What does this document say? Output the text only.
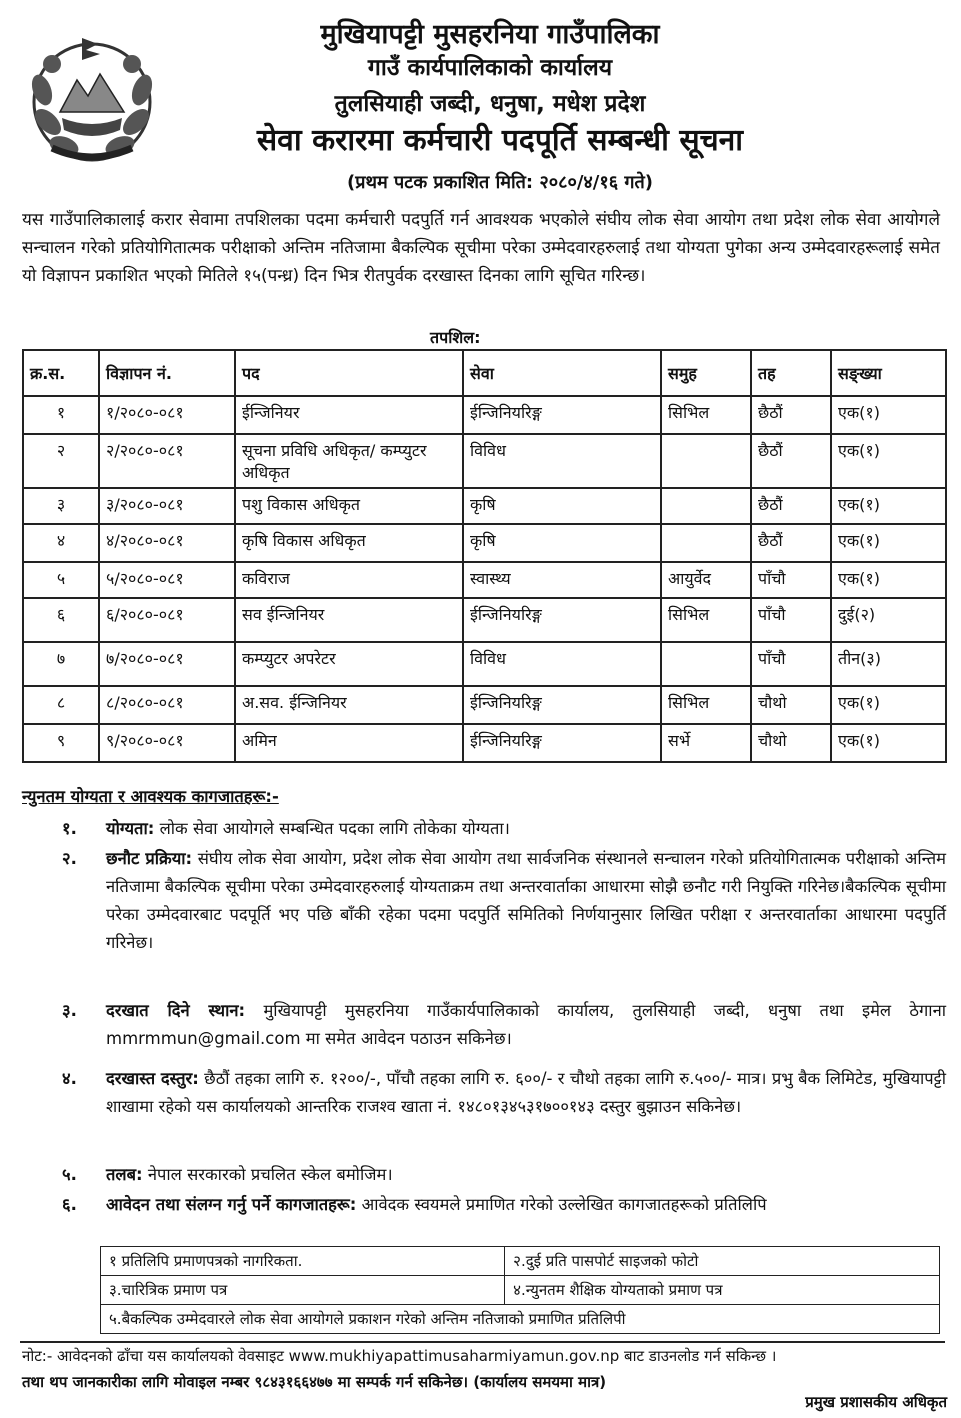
मुखियापट्टी मुसहरनिया गाउँपालिका
गाउँ कार्यपालिकाको कार्यालय
तुलसियाही जब्दी, धनुषा, मधेश प्रदेश
सेवा करारमा कर्मचारी पदपूर्ति सम्बन्धी सूचना
(प्रथम पटक प्रकाशित मिति: २०८०/४/१६ गते)
यस गाउँपालिकालाई करार सेवामा तपशिलका पदमा कर्मचारी पदपुर्ति गर्न आवश्यक भएकोले संघीय लोक सेवा आयोग तथा प्रदेश लोक सेवा आयोगले सन्चालन गरेको प्रतियोगितात्मक परीक्षाको अन्तिम नतिजामा बैकल्पिक सूचीमा परेका उम्मेदवारहरुलाई तथा योग्यता पुगेका अन्य उम्मेदवारहरूलाई समेत यो विज्ञापन प्रकाशित भएको मितिले १५(पन्ध्र) दिन भित्र रीतपुर्वक दरखास्त दिनका लागि सूचित गरिन्छ।
तपशिल:
क्र.स.	विज्ञापन नं.	पद	सेवा	समुह	तह	सङ्ख्या
१	१/२०८०-०८१	ईन्जिनियर	ईन्जिनियरिङ्ग	सिभिल	छैठौं	एक(१)
२	२/२०८०-०८१	सूचना प्रविधि अधिकृत/ कम्प्युटर अधिकृत	विविध		छैठौं	एक(१)
३	३/२०८०-०८१	पशु विकास अधिकृत	कृषि		छैठौं	एक(१)
४	४/२०८०-०८१	कृषि विकास अधिकृत	कृषि		छैठौं	एक(१)
५	५/२०८०-०८१	कविराज	स्वास्थ्य	आयुर्वेद	पाँचौ	एक(१)
६	६/२०८०-०८१	सव ईन्जिनियर	ईन्जिनियरिङ्ग	सिभिल	पाँचौ	दुई(२)
७	७/२०८०-०८१	कम्प्युटर अपरेटर	विविध		पाँचौ	तीन(३)
८	८/२०८०-०८१	अ.सव. ईन्जिनियर	ईन्जिनियरिङ्ग	सिभिल	चौथो	एक(१)
९	९/२०८०-०८१	अमिन	ईन्जिनियरिङ्ग	सर्भे	चौथो	एक(१)
न्युनतम योग्यता र आवश्यक कागजातहरू:-
१.	योग्यता: लोक सेवा आयोगले सम्बन्धित पदका लागि तोकेका योग्यता।
२.	छनौट प्रक्रिया: संघीय लोक सेवा आयोग, प्रदेश लोक सेवा आयोग तथा सार्वजनिक संस्थानले सन्चालन गरेको प्रतियोगितात्मक परीक्षाको अन्तिम नतिजामा बैकल्पिक सूचीमा परेका उम्मेदवारहरुलाई योग्यताक्रम तथा अन्तरवार्ताका आधारमा सोझै छनौट गरी नियुक्ति गरिनेछ।बैकल्पिक सूचीमा परेका उम्मेदवारबाट पदपूर्ति भए पछि बाँकी रहेका पदमा पदपुर्ति समितिको निर्णयानुसार लिखित परीक्षा र अन्तरवार्ताका आधारमा पदपुर्ति गरिनेछ।
३.	दरखात दिने स्थान: मुखियापट्टी मुसहरनिया गाउँकार्यपालिकाको कार्यालय, तुलसियाही जब्दी, धनुषा तथा इमेल ठेगाना mmrmmun@gmail.com मा समेत आवेदन पठाउन सकिनेछ।
४.	दरखास्त दस्तुर: छैठौं तहका लागि रु. १२००/-, पाँचौ तहका लागि रु. ६००/- र चौथो तहका लागि रु.५००/- मात्र। प्रभु बैक लिमिटेड, मुखियापट्टी शाखामा रहेको यस कार्यालयको आन्तरिक राजश्व खाता नं. १४८०१३४५३१७००१४३ दस्तुर बुझाउन सकिनेछ।
५.	तलब: नेपाल सरकारको प्रचलित स्केल बमोजिम।
६.	आवेदन तथा संलग्न गर्नु पर्ने कागजातहरू: आवेदक स्वयमले प्रमाणित गरेको उल्लेखित कागजातहरूको प्रतिलिपि
१ प्रतिलिपि प्रमाणपत्रको नागरिकता.	२.दुई प्रति पासपोर्ट साइजको फोटो
३.चारित्रिक प्रमाण पत्र	४.न्युनतम शैक्षिक योग्यताको प्रमाण पत्र
५.बैकल्पिक उम्मेदवारले लोक सेवा आयोगले प्रकाशन गरेको अन्तिम नतिजाको प्रमाणित प्रतिलिपी	
नोट:- आवेदनको ढाँचा यस कार्यालयको वेवसाइट www.mukhiyapattimusaharmiyamun.gov.np बाट डाउनलोड गर्न सकिन्छ ।
तथा थप जानकारीका लागि मोवाइल नम्बर ९८४३१६६४७७ मा सम्पर्क गर्न सकिनेछ। (कार्यालय समयमा मात्र)
प्रमुख प्रशासकीय अधिकृत
